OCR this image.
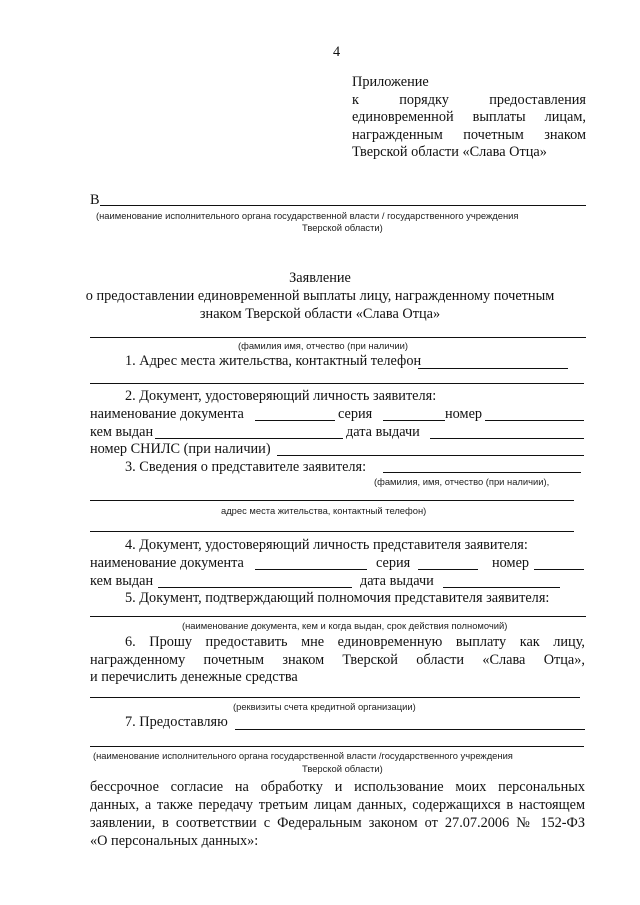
4
Приложение
к порядку предоставления
единовременной выплаты лицам,
награжденным почетным знаком
Тверской области «Слава Отца»
В
(наименование исполнительного органа государственной власти / государственного учреждения
Тверской области)
Заявление
о предоставлении единовременной выплаты лицу, награжденному почетным
знаком Тверской области «Слава Отца»
(фамилия имя, отчество (при наличии)
1. Адрес места жительства, контактный телефон
2. Документ, удостоверяющий личность заявителя:
наименование документа	серия	номер
кем выдан	дата выдачи
номер СНИЛС (при наличии)
3. Сведения о представителе заявителя:
(фамилия, имя, отчество (при наличии),
адрес места жительства, контактный телефон)
4. Документ, удостоверяющий личность представителя заявителя:
наименование документа	серия	номер
кем выдан	дата выдачи
5. Документ, подтверждающий полномочия представителя заявителя:
(наименование документа, кем и когда выдан, срок действия полномочий)
6. Прошу предоставить мне единовременную выплату как лицу,
награжденному почетным знаком Тверской области «Слава Отца»,
и перечислить денежные средства
(реквизиты счета кредитной организации)
7. Предоставляю
(наименование исполнительного органа государственной власти /государственного учреждения
Тверской области)
бессрочное согласие на обработку и использование моих персональных
данных, а также передачу третьим лицам данных, содержащихся в настоящем
заявлении, в соответствии с Федеральным законом от 27.07.2006 № 152-ФЗ
«О персональных данных»:
